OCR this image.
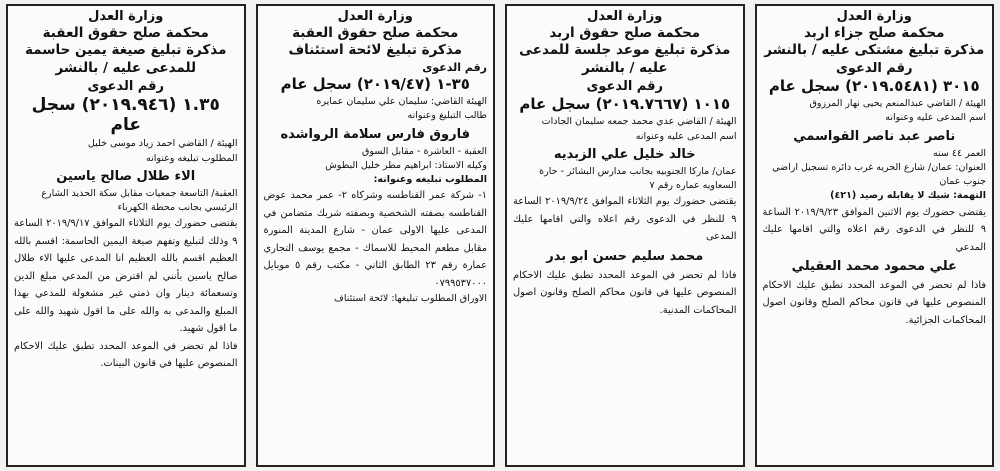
وزارة العدل
محكمة صلح جزاء اربد
مذكرة تبليغ مشتكى عليه / بالنشر
رقم الدعوى
٣٠١٥ (٢٠١٩.٥٤٨١) سجل عام
الهيئة / القاضي عبدالمنعم يحيى نهار المرزوق
اسم المدعى عليه وعنوانه
ناصر عبد ناصر القواسمي
العمر ٤٤ سنه
العنوان: عمان/ شارع الحريه غرب دائره تسجيل اراضي جنوب عمان
التهمة: شيك لا يقابله رصيد (٤٢١)
يقتضى حضورك يوم الاثنين الموافق ٢٠١٩/٩/٢٣ الساعة ٩ للنظر في الدعوى رقم اعلاه والتي اقامها عليك المدعي
علي محمود محمد العقيلي
فاذا لم تحضر في الموعد المحدد تطبق عليك الاحكام المنصوص عليها في قانون محاكم الصلح وقانون اصول المحاكمات الجزائية.
وزارة العدل
محكمة صلح حقوق اربد
مذكرة تبليغ موعد جلسة للمدعى عليه / بالنشر
رقم الدعوى
١٠١٥ (٢٠١٩.٧٦٦٧) سجل عام
الهيئة / القاضي عدي محمد جمعه سليمان الجادات
اسم المدعى عليه وعنوانه
خالد خليل علي الزبديه
عمان/ ماركا الجنوبيه بجانب مدارس البشائر - حارة السعاويه عماره رقم ٧
يقتضى حضورك يوم الثلاثاء الموافق ٢٠١٩/٩/٢٤ الساعة ٩ للنظر في الدعوى رقم اعلاه والتي اقامها عليك المدعى
محمد سليم حسن ابو بدر
فاذا لم تحضر في الموعد المحدد تطبق عليك الاحكام المنصوص عليها في قانون محاكم الصلح وقانون اصول المحاكمات المدنية.
وزارة العدل
محكمة صلح حقوق العقبة
مذكرة تبليغ لائحة استئناف
رقم الدعوى
٣٥-١ (٢٠١٩/٤٧) سجل عام
الهيئة القاضي: سليمان علي سليمان عمايره
طالب التبليغ وعنوانه
فاروق فارس سلامة الرواشده
العقبة - العاشرة - مقابل السوق
وكيله الاستاذ: ابراهيم مطر خليل البطوش
المطلوب تبليغه وعنوانه:
١- شركة عمر القناطسه وشركاه ٢- عمر محمد عوض القناطسه بصفته الشخصية وبصفته شريك متضامن في المدعى عليها الاولى عمان - شارع المدينة المنورة مقابل مطعم المحيط للاسماك - مجمع يوسف التجاري عمارة رقم ٢٣ الطابق الثاني - مكتب رقم ٥ موبايل ٠٧٩٩٥٣٧٠٠٠
الاوراق المطلوب تبليغها: لائحة استئناف
وزارة العدل
محكمة صلح حقوق العقبة
مذكرة تبليغ صيغة يمين حاسمة للمدعى عليه / بالنشر
رقم الدعوى
١.٣٥ (٢٠١٩.٩٤٦) سجل عام
الهيئة / القاضي احمد زياد موسى خليل
المطلوب تبليغه وعنوانه
الاء طلال صالح ياسين
العقبة/ التاسعة جمعيات مقابل سكة الحديد الشارع الرئيسي بجانب محطة الكهرباء
يقتضى حضورك يوم الثلاثاء الموافق ٢٠١٩/٩/١٧ الساعة ٩ وذلك لتبليغ وتفهم صيغة اليمين الحاسمة: اقسم بالله العظيم اقسم بالله العظيم انا المدعى عليها الاء طلال صالح ياسين بأنني لم اقترض من المدعي مبلغ الدين وتسعمائة دينار وان ذمتي غير مشغولة للمدعي بهذا المبلغ والمدعى به والله على ما اقول شهيد والله على ما اقول شهيد.
فاذا لم تحضر في الموعد المحدد تطبق عليك الاحكام المنصوص عليها في قانون البينات.
